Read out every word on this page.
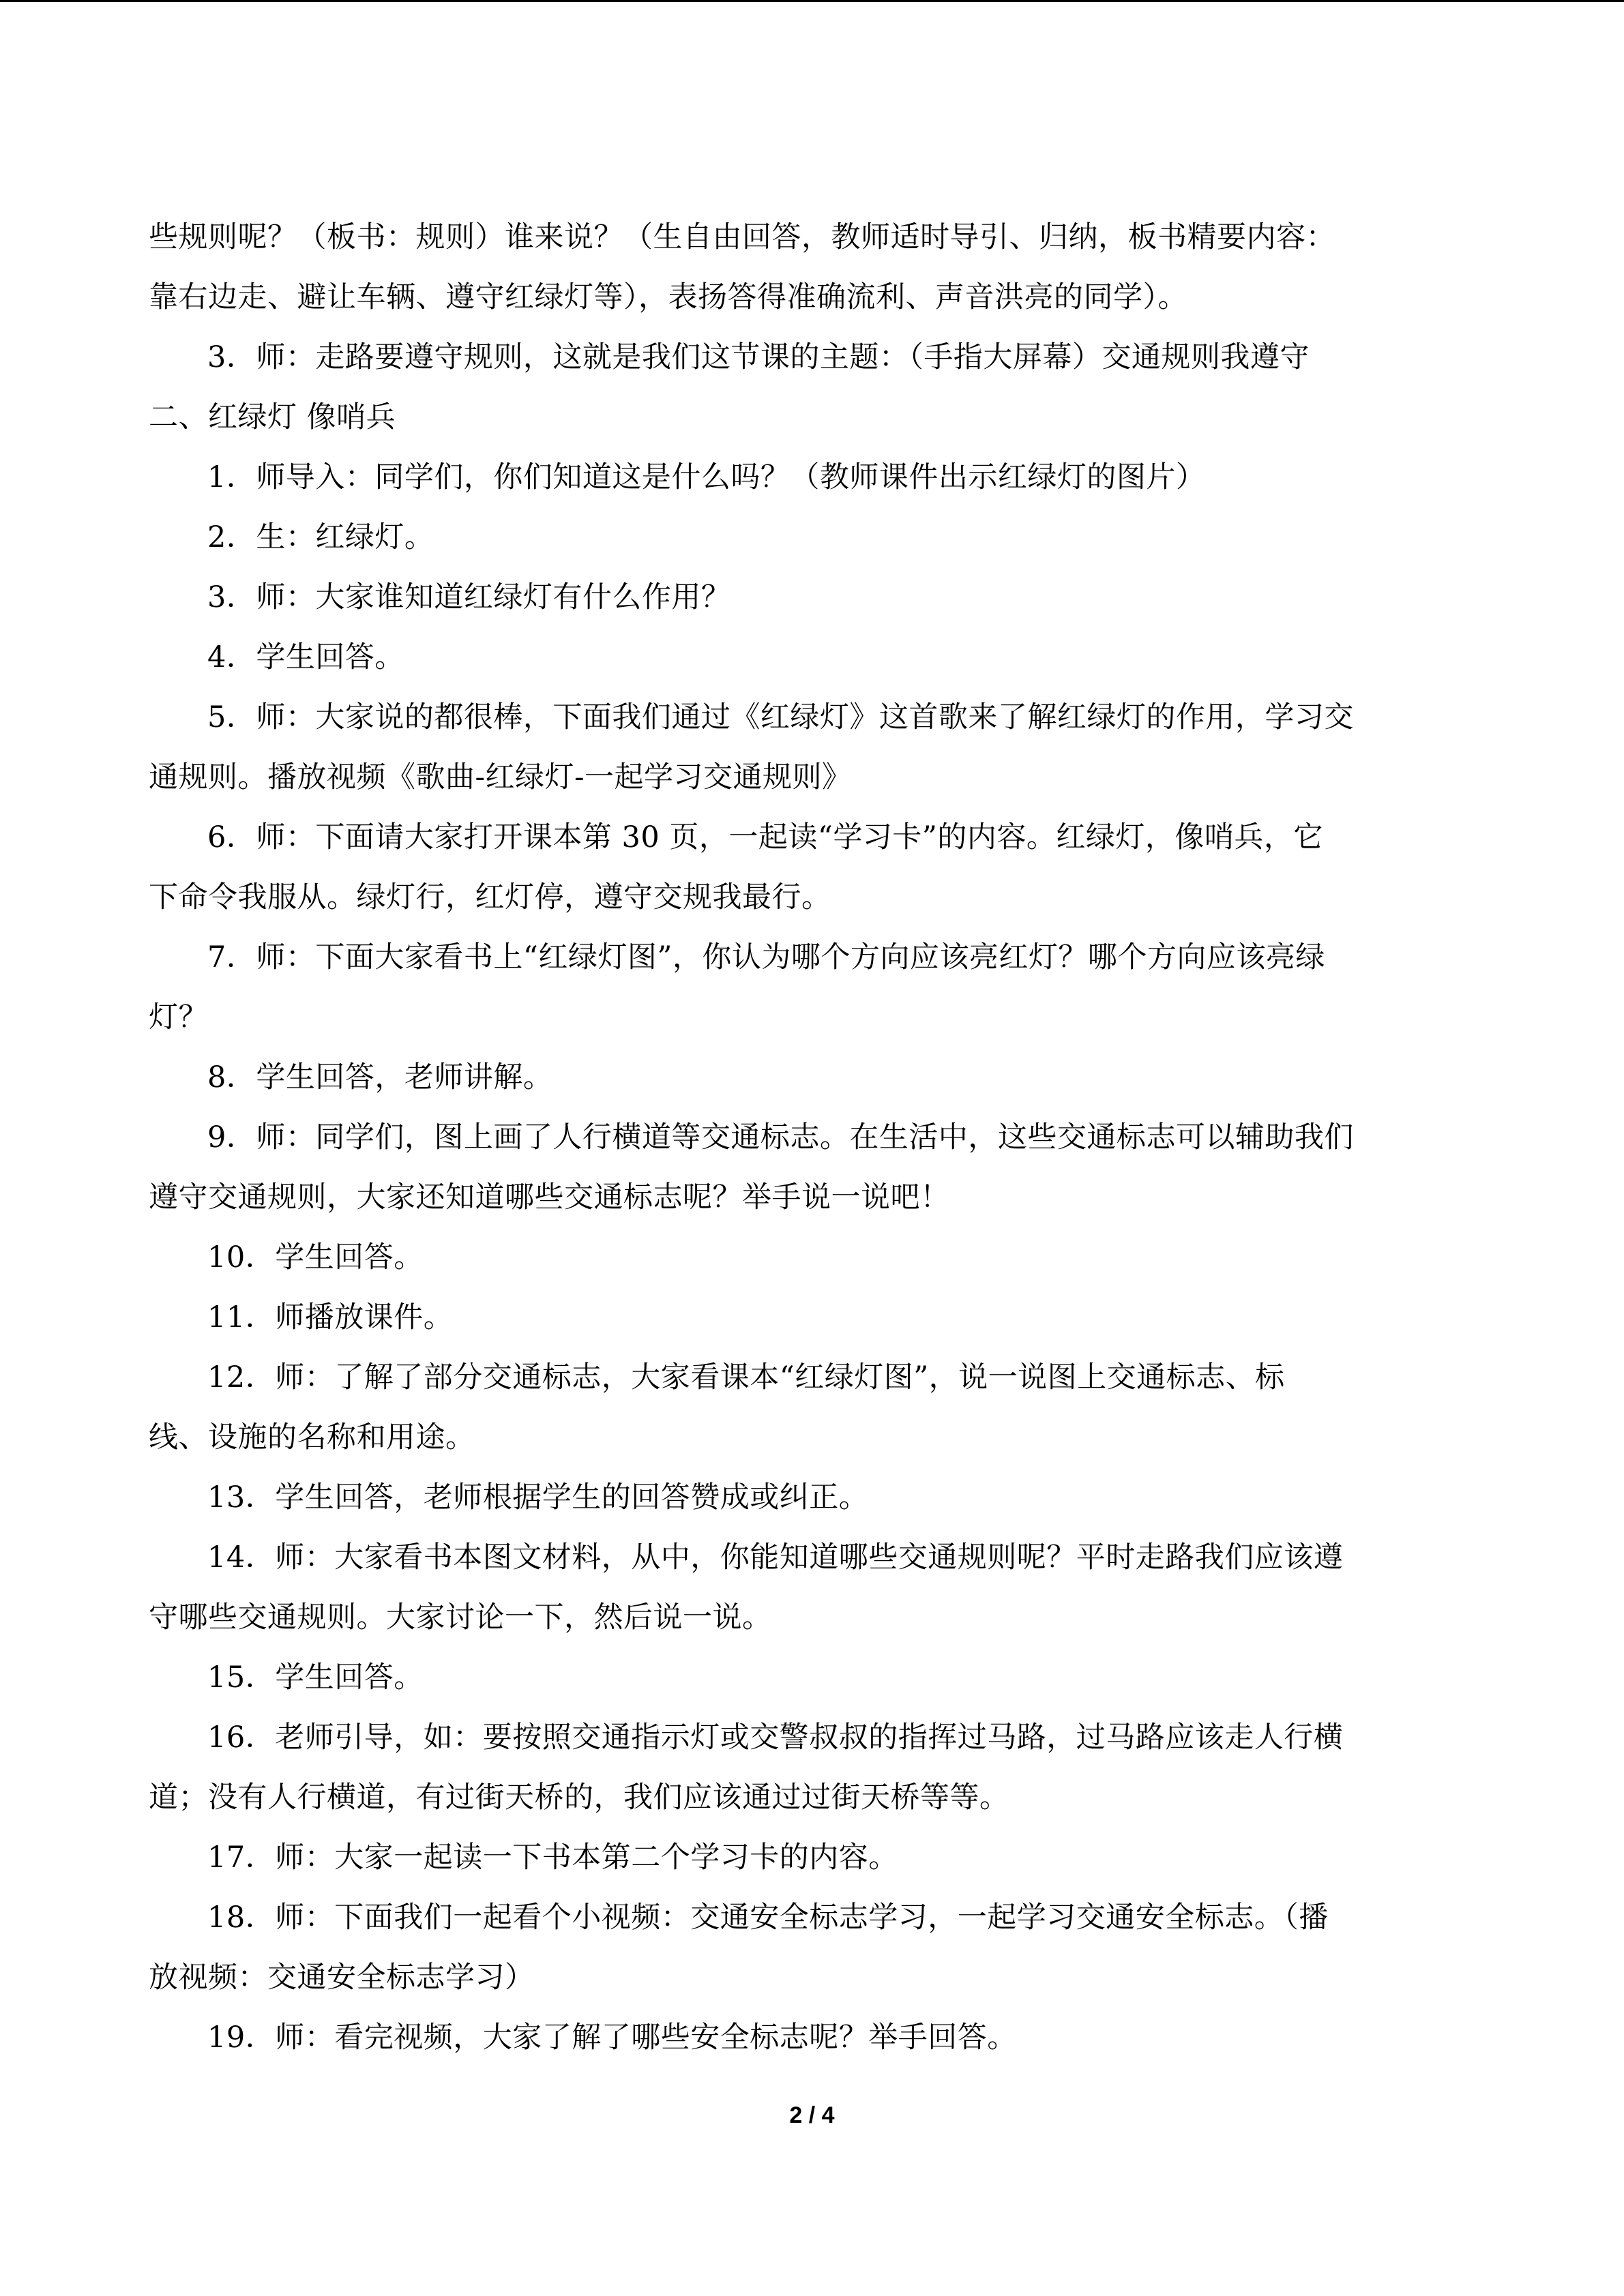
些规则呢？（板书：规则）谁来说？（生自由回答，教师适时导引、归纳，板书精要内容：

靠右边走、避让车辆、遵守红绿灯等），表扬答得准确流利、声音洪亮的同学）。

3．师：走路要遵守规则，这就是我们这节课的主题：（手指大屏幕）交通规则我遵守

二、红绿灯 像哨兵

1．师导入：同学们，你们知道这是什么吗？（教师课件出示红绿灯的图片）

2．生：红绿灯。

3．师：大家谁知道红绿灯有什么作用？

4．学生回答。

5．师：大家说的都很棒，下面我们通过《红绿灯》这首歌来了解红绿灯的作用，学习交

通规则。播放视频《歌曲-红绿灯-一起学习交通规则》

6．师：下面请大家打开课本第 30 页，一起读“学习卡”的内容。红绿灯，像哨兵，它

下命令我服从。绿灯行，红灯停，遵守交规我最行。

7．师：下面大家看书上“红绿灯图”，你认为哪个方向应该亮红灯？哪个方向应该亮绿

灯？

8．学生回答，老师讲解。

9．师：同学们，图上画了人行横道等交通标志。在生活中，这些交通标志可以辅助我们

遵守交通规则，大家还知道哪些交通标志呢？举手说一说吧！

10．学生回答。

11．师播放课件。

12．师：了解了部分交通标志，大家看课本“红绿灯图”，说一说图上交通标志、标

线、设施的名称和用途。

13．学生回答，老师根据学生的回答赞成或纠正。

14．师：大家看书本图文材料，从中，你能知道哪些交通规则呢？平时走路我们应该遵

守哪些交通规则。大家讨论一下，然后说一说。

15．学生回答。

16．老师引导，如：要按照交通指示灯或交警叔叔的指挥过马路，过马路应该走人行横

道；没有人行横道，有过街天桥的，我们应该通过过街天桥等等。

17．师：大家一起读一下书本第二个学习卡的内容。

18．师：下面我们一起看个小视频：交通安全标志学习，一起学习交通安全标志。（播

放视频：交通安全标志学习）

19．师：看完视频，大家了解了哪些安全标志呢？举手回答。

2 / 4
